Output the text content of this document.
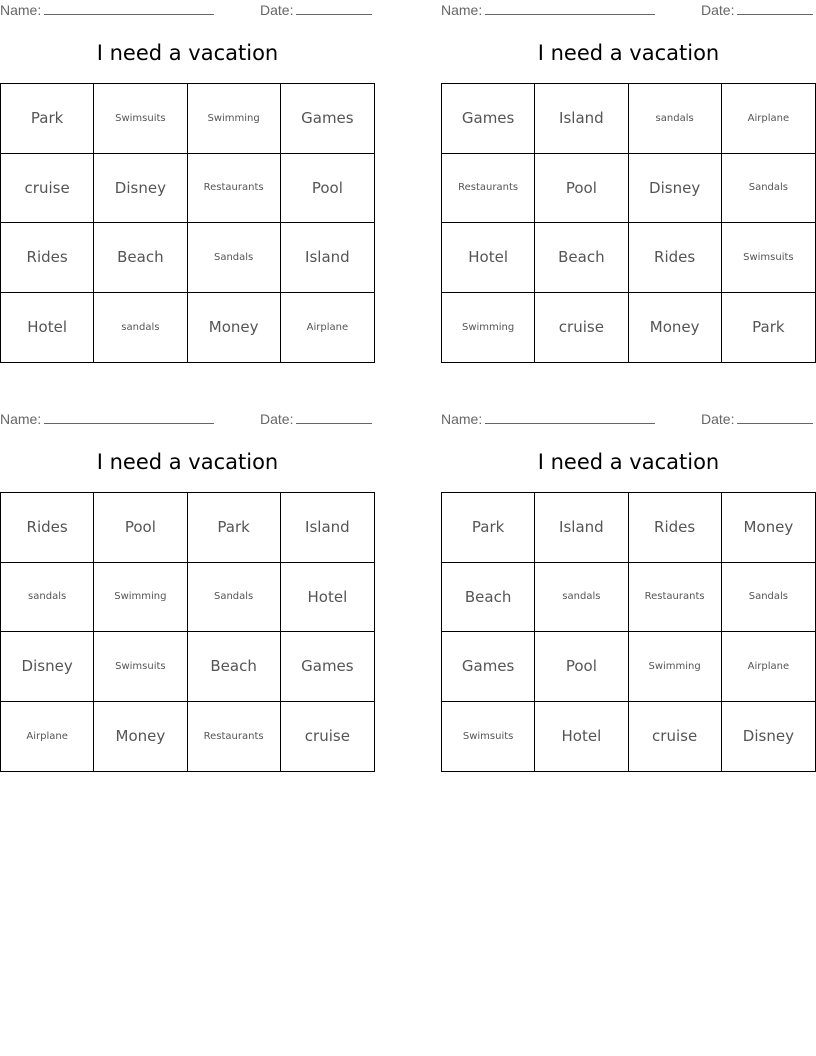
Name:	Date:
I need a vacation
Park	Swimsuits	Swimming	Games
cruise	Disney	Restaurants	Pool
Rides	Beach	Sandals	Island
Hotel	sandals	Money	Airplane
Name:	Date:
I need a vacation
Games	Island	sandals	Airplane
Restaurants	Pool	Disney	Sandals
Hotel	Beach	Rides	Swimsuits
Swimming	cruise	Money	Park
Name:	Date:
I need a vacation
Rides	Pool	Park	Island
sandals	Swimming	Sandals	Hotel
Disney	Swimsuits	Beach	Games
Airplane	Money	Restaurants	cruise
Name:	Date:
I need a vacation
Park	Island	Rides	Money
Beach	sandals	Restaurants	Sandals
Games	Pool	Swimming	Airplane
Swimsuits	Hotel	cruise	Disney
